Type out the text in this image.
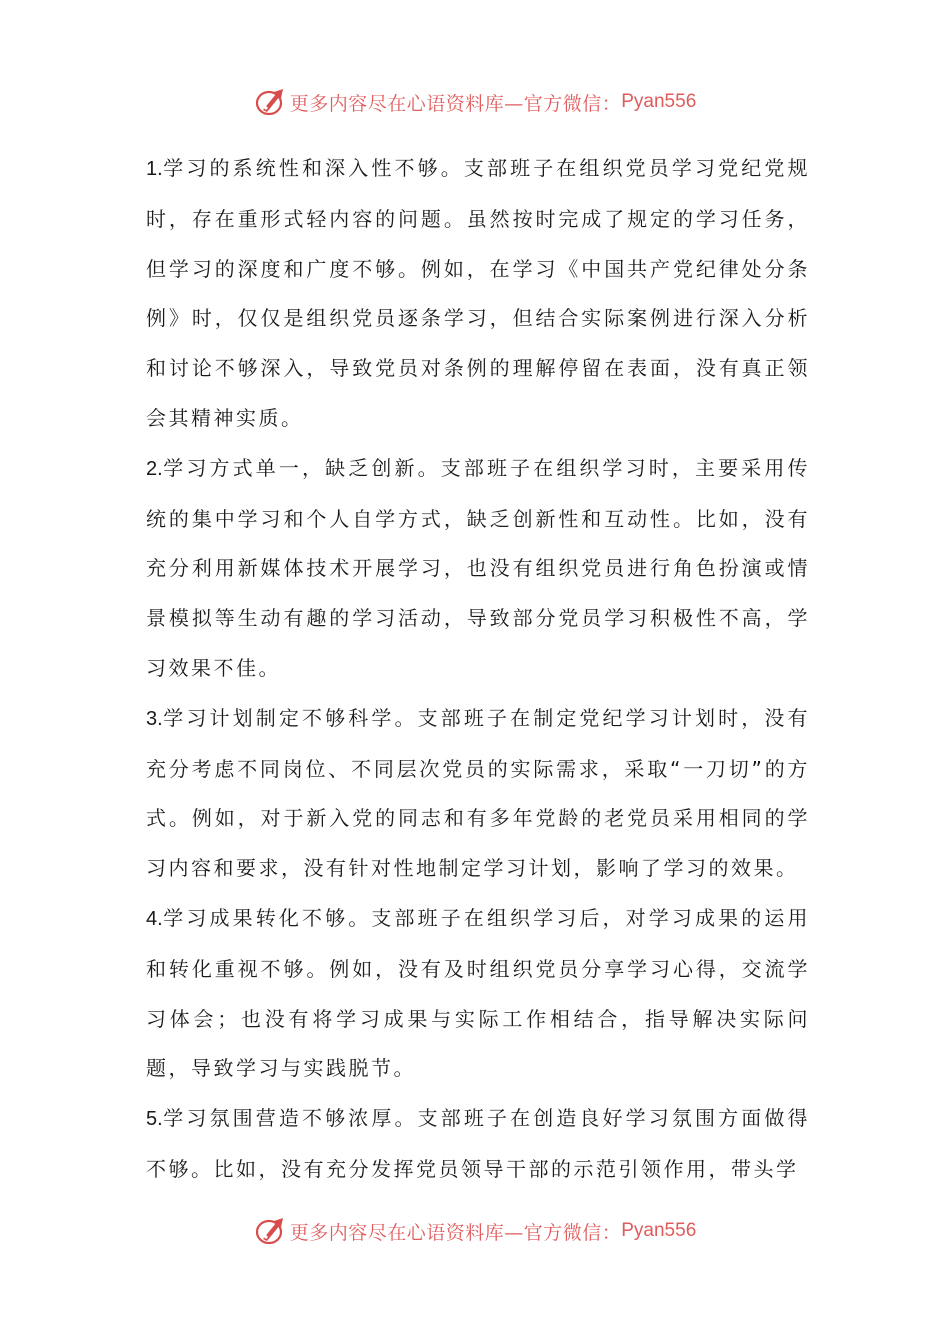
更多内容尽在心语资料库—官方微信： Pyan556

1.学习的系统性和深入性不够。支部班子在组织党员学习党纪党规时，存在重形式轻内容的问题。虽然按时完成了规定的学习任务，但学习的深度和广度不够。例如，在学习《中国共产党纪律处分条例》时，仅仅是组织党员逐条学习，但结合实际案例进行深入分析和讨论不够深入，导致党员对条例的理解停留在表面，没有真正领会其精神实质。

2.学习方式单一，缺乏创新。支部班子在组织学习时，主要采用传统的集中学习和个人自学方式，缺乏创新性和互动性。比如，没有充分利用新媒体技术开展学习，也没有组织党员进行角色扮演或情景模拟等生动有趣的学习活动，导致部分党员学习积极性不高，学习效果不佳。

3.学习计划制定不够科学。支部班子在制定党纪学习计划时，没有充分考虑不同岗位、不同层次党员的实际需求，采取“一刀切”的方式。例如，对于新入党的同志和有多年党龄的老党员采用相同的学习内容和要求，没有针对性地制定学习计划，影响了学习的效果。

4.学习成果转化不够。支部班子在组织学习后，对学习成果的运用和转化重视不够。例如，没有及时组织党员分享学习心得，交流学习体会；也没有将学习成果与实际工作相结合，指导解决实际问题，导致学习与实践脱节。

5.学习氛围营造不够浓厚。支部班子在创造良好学习氛围方面做得不够。比如，没有充分发挥党员领导干部的示范引领作用，带头学

更多内容尽在心语资料库—官方微信： Pyan556
